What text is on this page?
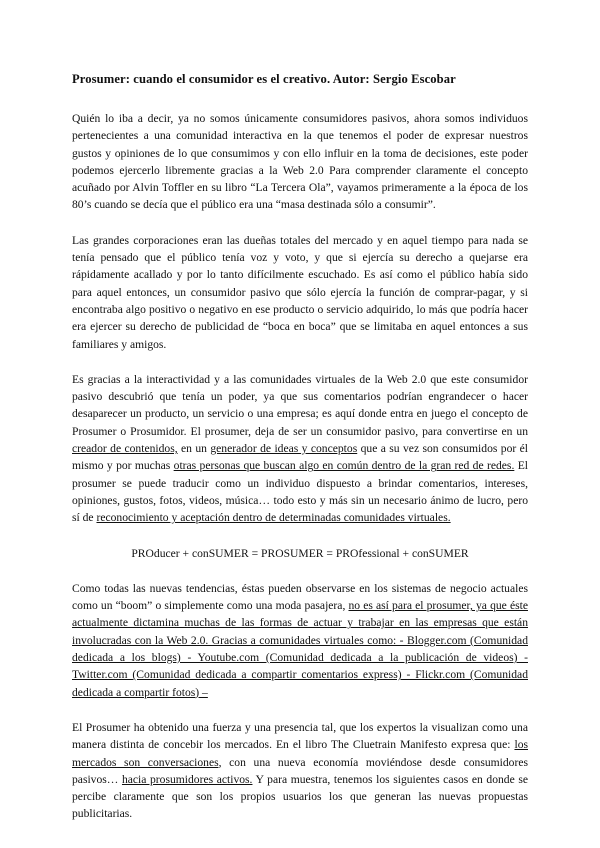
Prosumer: cuando el consumidor es el creativo. Autor: Sergio Escobar

Quién lo iba a decir, ya no somos únicamente consumidores pasivos, ahora somos individuos pertenecientes a una comunidad interactiva en la que tenemos el poder de expresar nuestros gustos y opiniones de lo que consumimos y con ello influir en la toma de decisiones, este poder podemos ejercerlo libremente gracias a la Web 2.0 Para comprender claramente el concepto acuñado por Alvin Toffler en su libro “La Tercera Ola”, vayamos primeramente a la época de los 80’s cuando se decía que el público era una “masa destinada sólo a consumir”.

Las grandes corporaciones eran las dueñas totales del mercado y en aquel tiempo para nada se tenía pensado que el público tenía voz y voto, y que si ejercía su derecho a quejarse era rápidamente acallado y por lo tanto difícilmente escuchado. Es así como el público había sido para aquel entonces, un consumidor pasivo que sólo ejercía la función de comprar-pagar, y si encontraba algo positivo o negativo en ese producto o servicio adquirido, lo más que podría hacer era ejercer su derecho de publicidad de “boca en boca” que se limitaba en aquel entonces a sus familiares y amigos.

Es gracias a la interactividad y a las comunidades virtuales de la Web 2.0 que este consumidor pasivo descubrió que tenía un poder, ya que sus comentarios podrían engrandecer o hacer desaparecer un producto, un servicio o una empresa; es aquí donde entra en juego el concepto de Prosumer o Prosumidor. El prosumer, deja de ser un consumidor pasivo, para convertirse en un creador de contenidos, en un generador de ideas y conceptos que a su vez son consumidos por él mismo y por muchas otras personas que buscan algo en común dentro de la gran red de redes. El prosumer se puede traducir como un individuo dispuesto a brindar comentarios, intereses, opiniones, gustos, fotos, videos, música… todo esto y más sin un necesario ánimo de lucro, pero sí de reconocimiento y aceptación dentro de determinadas comunidades virtuales.

PROducer + conSUMER = PROSUMER = PROfessional + conSUMER

Como todas las nuevas tendencias, éstas pueden observarse en los sistemas de negocio actuales como un “boom” o simplemente como una moda pasajera, no es así para el prosumer, ya que éste actualmente dictamina muchas de las formas de actuar y trabajar en las empresas que están involucradas con la Web 2.0. Gracias a comunidades virtuales como: - Blogger.com (Comunidad dedicada a los blogs) - Youtube.com (Comunidad dedicada a la publicación de videos) - Twitter.com (Comunidad dedicada a compartir comentarios express) - Flickr.com (Comunidad dedicada a compartir fotos) –

El Prosumer ha obtenido una fuerza y una presencia tal, que los expertos la visualizan como una manera distinta de concebir los mercados. En el libro The Cluetrain Manifesto expresa que: los mercados son conversaciones, con una nueva economía moviéndose desde consumidores pasivos… hacia prosumidores activos. Y para muestra, tenemos los siguientes casos en donde se percibe claramente que son los propios usuarios los que generan las nuevas propuestas publicitarias.
